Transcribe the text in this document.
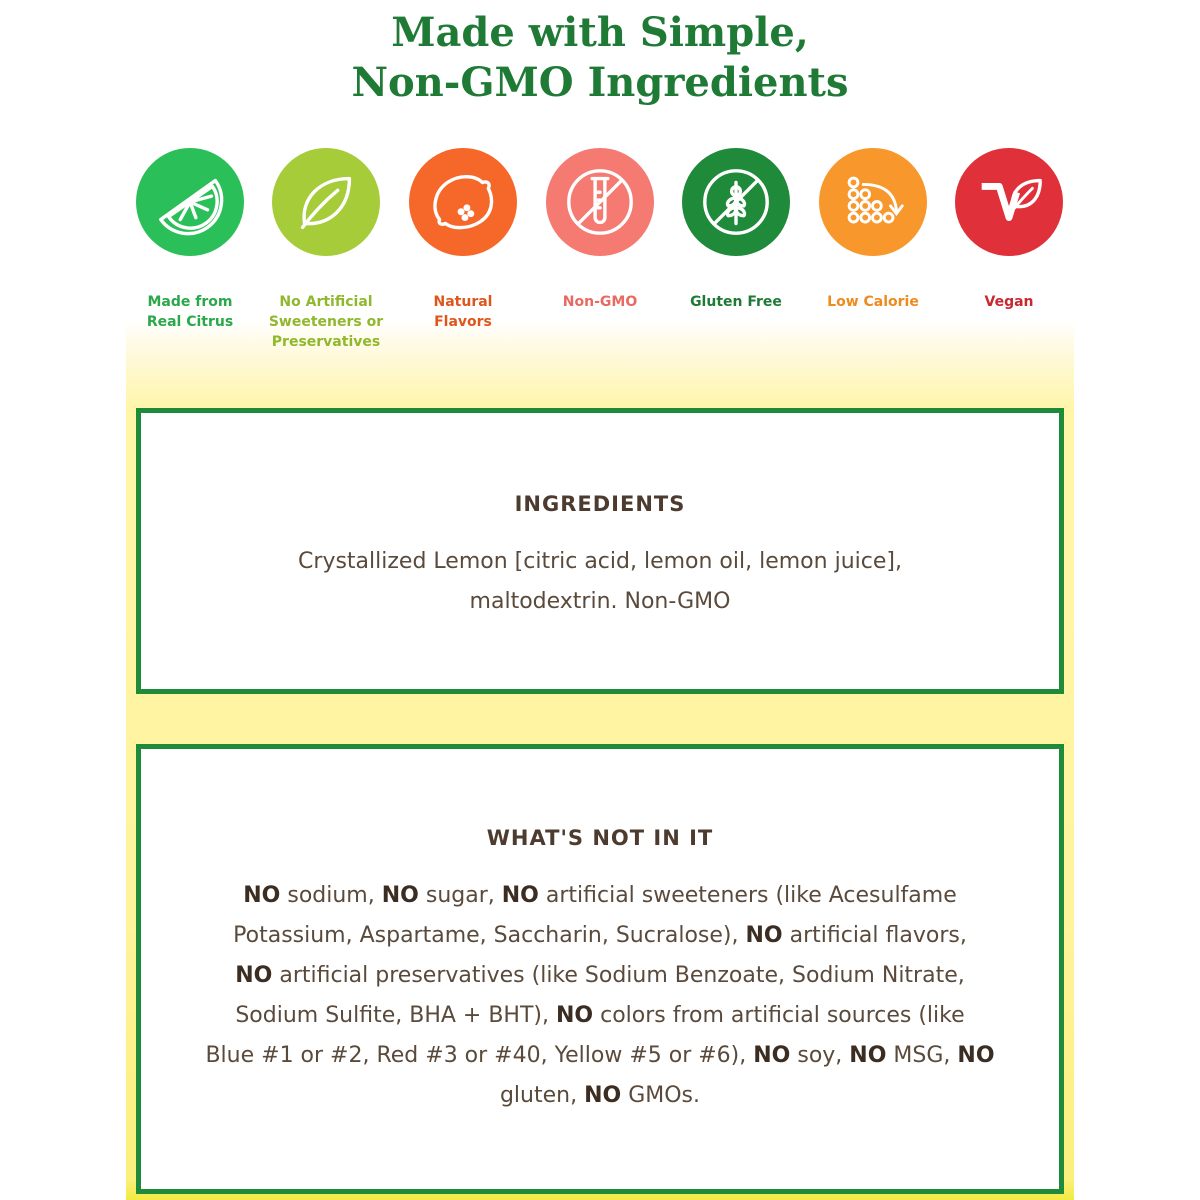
Made with Simple,
Non-GMO Ingredients
Made from
Real Citrus
No Artificial
Sweeteners or
Preservatives
Natural
Flavors
Non-GMO	Gluten Free	Low Calorie	Vegan
INGREDIENTS
Crystallized Lemon [citric acid, lemon oil, lemon juice],
maltodextrin. Non-GMO
WHAT'S NOT IN IT
NO sodium, NO sugar, NO artificial sweeteners (like Acesulfame
Potassium, Aspartame, Saccharin, Sucralose), NO artificial flavors,
NO artificial preservatives (like Sodium Benzoate, Sodium Nitrate,
Sodium Sulfite, BHA + BHT), NO colors from artificial sources (like
Blue #1 or #2, Red #3 or #40, Yellow #5 or #6), NO soy, NO MSG, NO
gluten, NO GMOs.
